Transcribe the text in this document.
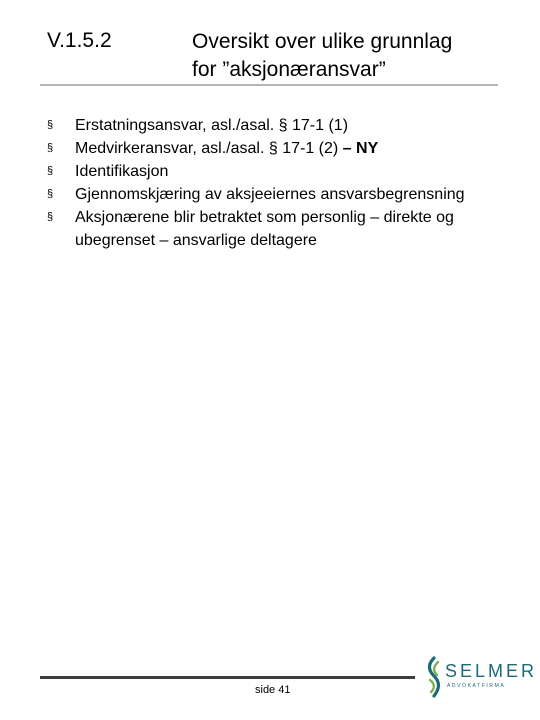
V.1.5.2	Oversikt over ulike grunnlag
for ”aksjonæransvar”
§ Erstatningsansvar, asl./asal. § 17-1 (1)
§ Medvirkeransvar, asl./asal. § 17-1 (2) – NY
§ Identifikasjon
§ Gjennomskjæring av aksjeeiernes ansvarsbegrensning
§ Aksjonærene blir betraktet som personlig – direkte og ubegrenset – ansvarlige deltagere
side 41
SELMER
ADVOKATFIRMA
